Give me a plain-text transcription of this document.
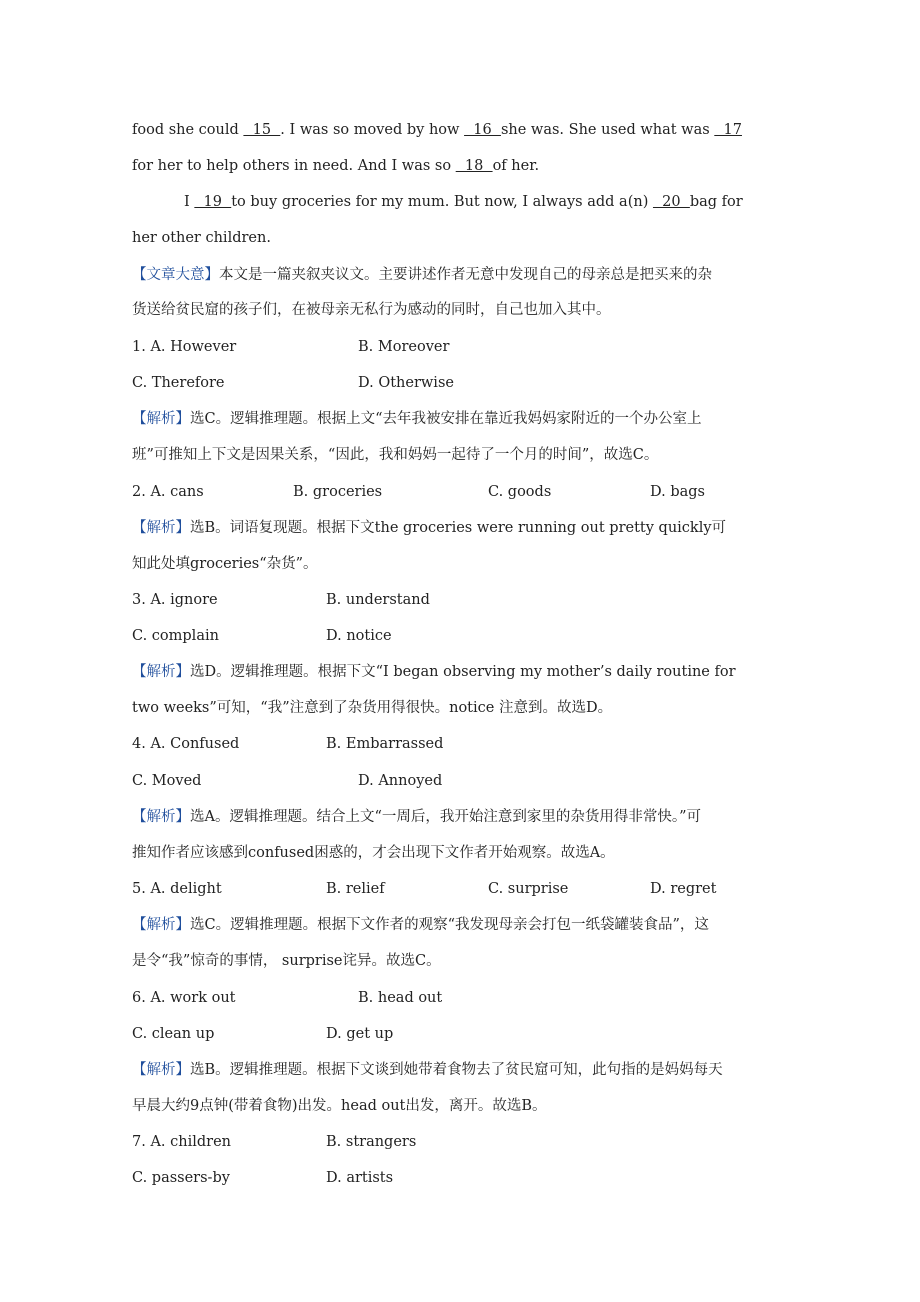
food she could   15  . I was so moved by how   16  she was. She used what was   17
for her to help others in need. And I was so   18  of her.
I   19  to buy groceries for my mum. But now, I always add a(n)   20  bag for
her other children.
【文章大意】本文是一篇夹叙夹议文。主要讲述作者无意中发现自己的母亲总是把买来的杂
货送给贫民窟的孩子们，在被母亲无私行为感动的同时，自己也加入其中。
1. A. However	B. Moreover
C. Therefore	D. Otherwise
【解析】选C。逻辑推理题。根据上文“去年我被安排在靠近我妈妈家附近的一个办公室上
班”可推知上下文是因果关系，“因此，我和妈妈一起待了一个月的时间”，故选C。
2. A. cans	B. groceries	C. goods	D. bags
【解析】选B。词语复现题。根据下文the groceries were running out pretty quickly可
知此处填groceries“杂货”。
3. A. ignore	B. understand
C. complain	D. notice
【解析】选D。逻辑推理题。根据下文“I began observing my mother’s daily routine for
two weeks”可知，“我”注意到了杂货用得很快。notice 注意到。故选D。
4. A. Confused	B. Embarrassed
C. Moved	D. Annoyed
【解析】选A。逻辑推理题。结合上文“一周后，我开始注意到家里的杂货用得非常快。”可
推知作者应该感到confused困惑的，才会出现下文作者开始观察。故选A。
5. A. delight	B. relief	C. surprise	D. regret
【解析】选C。逻辑推理题。根据下文作者的观察“我发现母亲会打包一纸袋罐装食品”，这
是令“我”惊奇的事情， surprise诧异。故选C。
6. A. work out	B. head out
C. clean up	D. get up
【解析】选B。逻辑推理题。根据下文谈到她带着食物去了贫民窟可知，此句指的是妈妈每天
早晨大约9点钟(带着食物)出发。head out出发，离开。故选B。
7. A. children	B. strangers
C. passers-by	D. artists
